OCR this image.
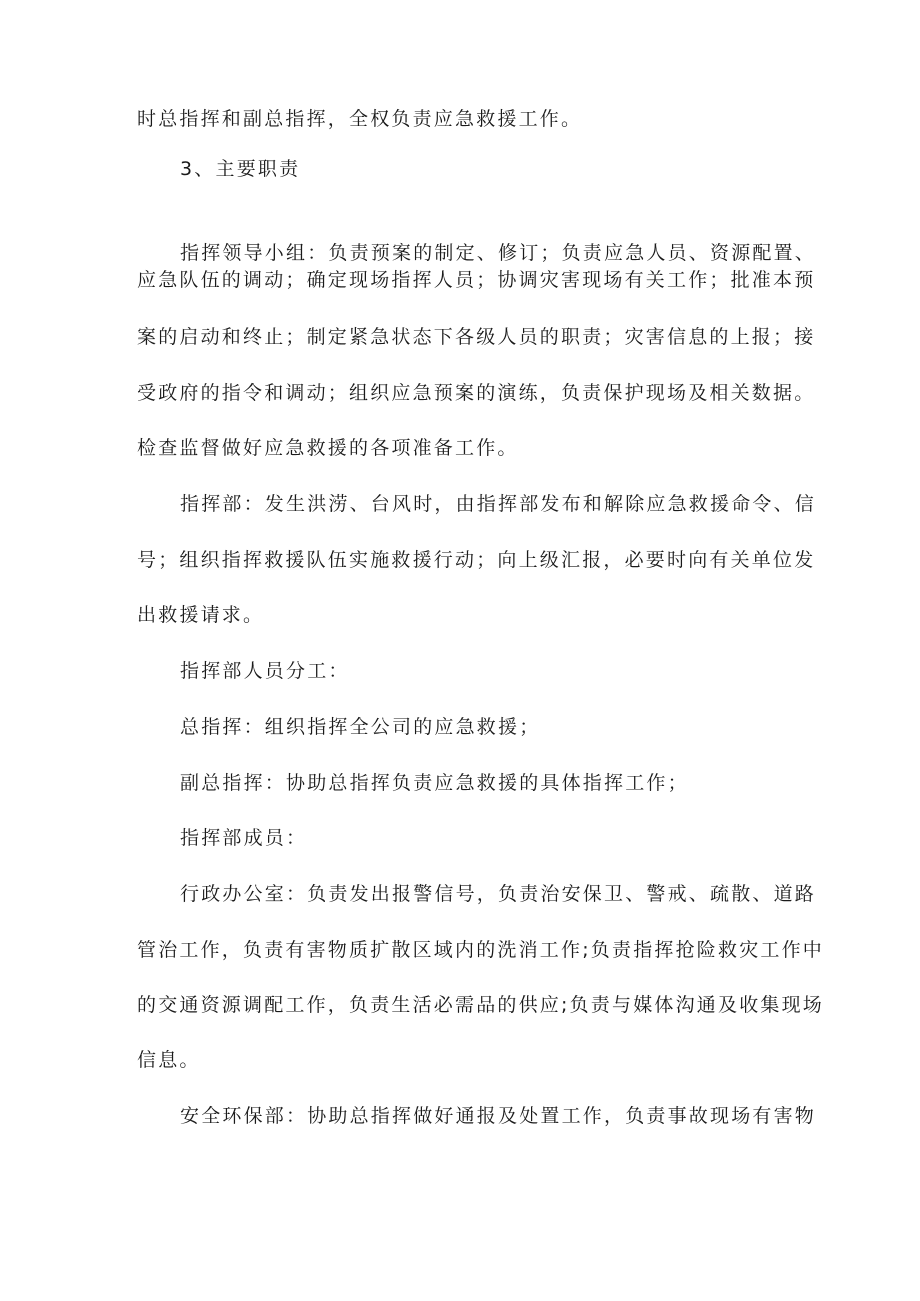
时总指挥和副总指挥，全权负责应急救援工作。
3、主要职责
指挥领导小组：负责预案的制定、修订；负责应急人员、资源配置、
应急队伍的调动；确定现场指挥人员；协调灾害现场有关工作；批准本预
案的启动和终止；制定紧急状态下各级人员的职责；灾害信息的上报；接
受政府的指令和调动；组织应急预案的演练，负责保护现场及相关数据。
检查监督做好应急救援的各项准备工作。
指挥部：发生洪涝、台风时，由指挥部发布和解除应急救援命令、信
号；组织指挥救援队伍实施救援行动；向上级汇报，必要时向有关单位发
出救援请求。
指挥部人员分工：
总指挥：组织指挥全公司的应急救援；
副总指挥：协助总指挥负责应急救援的具体指挥工作；
指挥部成员：
行政办公室：负责发出报警信号，负责治安保卫、警戒、疏散、道路
管治工作，负责有害物质扩散区域内的洗消工作;负责指挥抢险救灾工作中
的交通资源调配工作，负责生活必需品的供应;负责与媒体沟通及收集现场
信息。
安全环保部：协助总指挥做好通报及处置工作，负责事故现场有害物
